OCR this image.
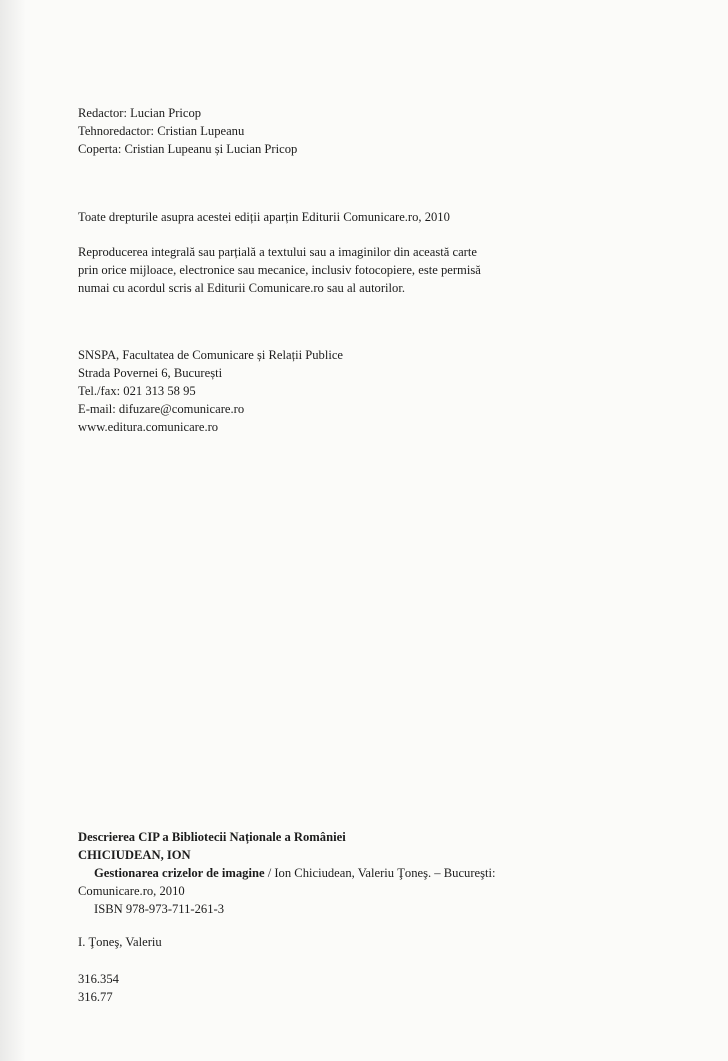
Redactor: Lucian Pricop
Tehnoredactor: Cristian Lupeanu
Coperta: Cristian Lupeanu și Lucian Pricop
Toate drepturile asupra acestei ediții aparțin Editurii Comunicare.ro, 2010
Reproducerea integrală sau parțială a textului sau a imaginilor din această carte
prin orice mijloace, electronice sau mecanice, inclusiv fotocopiere, este permisă
numai cu acordul scris al Editurii Comunicare.ro sau al autorilor.
SNSPA, Facultatea de Comunicare și Relații Publice
Strada Povernei 6, București
Tel./fax: 021 313 58 95
E-mail: difuzare@comunicare.ro
www.editura.comunicare.ro
Descrierea CIP a Bibliotecii Naționale a României
CHICIUDEAN, ION
Gestionarea crizelor de imagine / Ion Chiciudean, Valeriu Ţoneş. – Bucureşti:
Comunicare.ro, 2010
ISBN 978-973-711-261-3
I. Ţoneş, Valeriu
316.354
316.77
